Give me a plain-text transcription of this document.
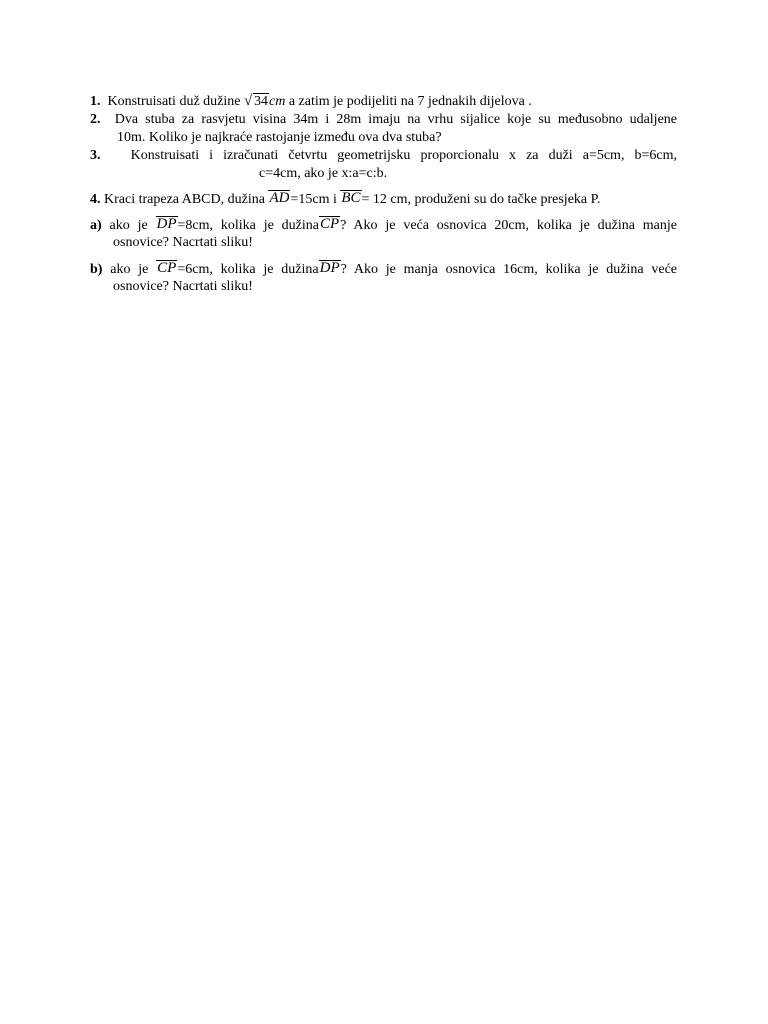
1. Konstruisati duž dužine √ 34cm a zatim je podijeliti na 7 jednakih dijelova .
2. Dva stuba za rasvjetu visina 34m i 28m imaju na vrhu sijalice koje su međusobno udaljene
10m. Koliko je najkraće rastojanje između ova dva stuba?
3. Konstruisati i izračunati četvrtu geometrijsku proporcionalu x za duži a=5cm, b=6cm,
c=4cm, ako je x:a=c:b.
4. Kraci trapeza ABCD, dužina AD=15cm i BC= 12 cm, produženi su do tačke presjeka P.
a) ako je DP=8cm, kolika je dužinaCP? Ako je veća osnovica 20cm, kolika je dužina manje
osnovice? Nacrtati sliku!
b) ako je CP=6cm, kolika je dužinaDP? Ako je manja osnovica 16cm, kolika je dužina veće
osnovice? Nacrtati sliku!
